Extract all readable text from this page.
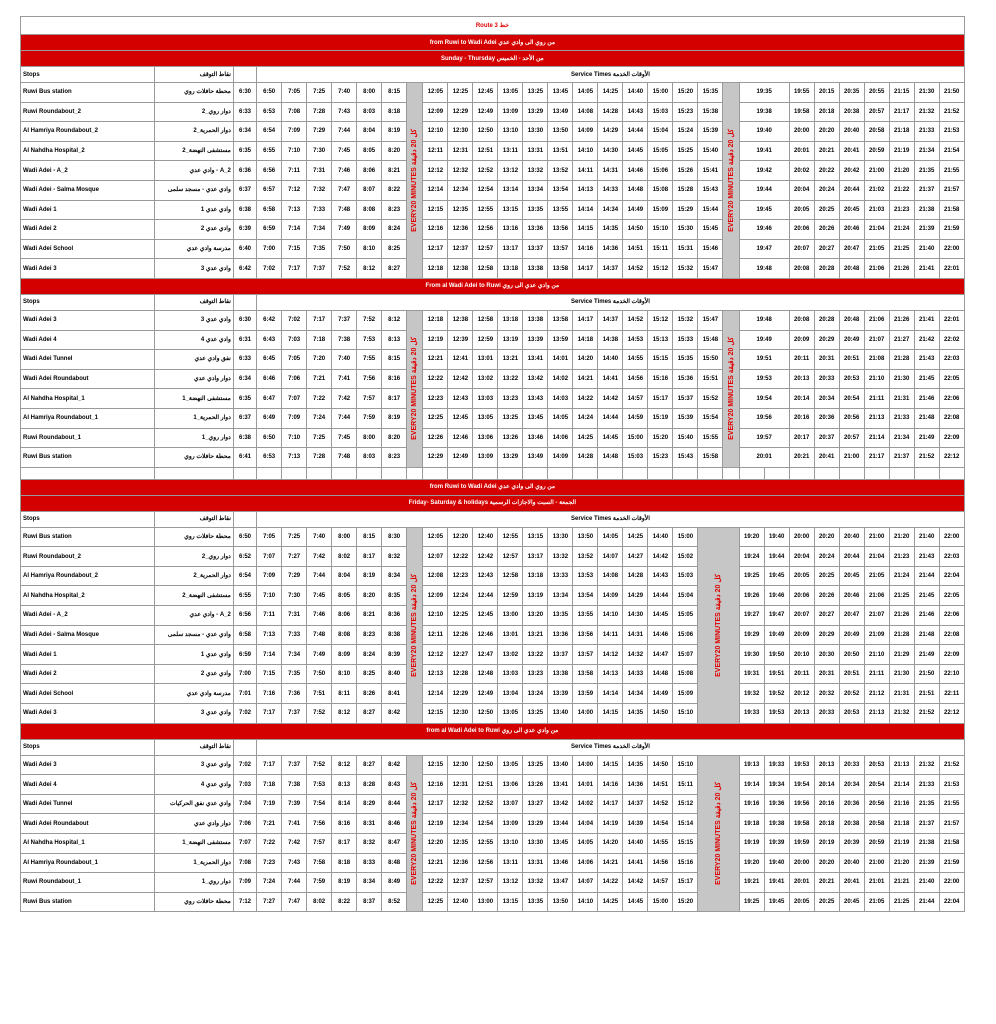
Route 3 خط																															
from Ruwi to Wadi Adei من روي الى وادي عدي																															
Sunday - Thursday من الأحد - الخميس																															
Stops	نقاط التوقف		Service Times الأوقات الخدمة																												
Ruwi Bus station	محطة حافلات روي	6:30	6:50	7:05	7:25	7:40	8:00	8:15	EVERY20 MINUTES كل 20 دقيقة	12:05	12:25	12:45	13:05	13:25	13:45	14:05	14:25	14:40	15:00	15:20	15:35	EVERY20 MINUTES كل 20 دقيقة	19:35		19:55	20:15	20:35	20:55	21:15	21:30	21:50
Ruwi Roundabout_2	دوار روي_2	6:33	6:53	7:08	7:28	7:43	8:03	8:18		12:09	12:29	12:49	13:09	13:29	13:49	14:08	14:28	14:43	15:03	15:23	15:38		19:38		19:58	20:18	20:38	20:57	21:17	21:32	21:52
Al Hamriya Roundabout_2	دوار الحمرية_2	6:34	6:54	7:09	7:29	7:44	8:04	8:19		12:10	12:30	12:50	13:10	13:30	13:50	14:09	14:29	14:44	15:04	15:24	15:39		19:40		20:00	20:20	20:40	20:58	21:18	21:33	21:53
Al Nahdha Hospital_2	مستشفى النهضة_2	6:35	6:55	7:10	7:30	7:45	8:05	8:20		12:11	12:31	12:51	13:11	13:31	13:51	14:10	14:30	14:45	15:05	15:25	15:40		19:41		20:01	20:21	20:41	20:59	21:19	21:34	21:54
Wadi Adei - A_2	وادي عدي - A_2	6:36	6:56	7:11	7:31	7:46	8:06	8:21		12:12	12:32	12:52	13:12	13:32	13:52	14:11	14:31	14:46	15:06	15:26	15:41		19:42		20:02	20:22	20:42	21:00	21:20	21:35	21:55
Wadi Adei - Salma Mosque	وادي عدي - مسجد سلمى	6:37	6:57	7:12	7:32	7:47	8:07	8:22		12:14	12:34	12:54	13:14	13:34	13:54	14:13	14:33	14:48	15:08	15:28	15:43		19:44		20:04	20:24	20:44	21:02	21:22	21:37	21:57
Wadi Adei 1	وادي عدي 1	6:38	6:58	7:13	7:33	7:48	8:08	8:23		12:15	12:35	12:55	13:15	13:35	13:55	14:14	14:34	14:49	15:09	15:29	15:44		19:45		20:05	20:25	20:45	21:03	21:23	21:38	21:58
Wadi Adei 2	وادي عدي 2	6:39	6:59	7:14	7:34	7:49	8:09	8:24		12:16	12:36	12:56	13:16	13:36	13:56	14:15	14:35	14:50	15:10	15:30	15:45		19:46		20:06	20:26	20:46	21:04	21:24	21:39	21:59
Wadi Adei School	مدرسة وادي عدي	6:40	7:00	7:15	7:35	7:50	8:10	8:25		12:17	12:37	12:57	13:17	13:37	13:57	14:16	14:36	14:51	15:11	15:31	15:46		19:47		20:07	20:27	20:47	21:05	21:25	21:40	22:00
Wadi Adei 3	وادي عدي 3	6:42	7:02	7:17	7:37	7:52	8:12	8:27		12:18	12:38	12:58	13:18	13:38	13:58	14:17	14:37	14:52	15:12	15:32	15:47		19:48		20:08	20:28	20:48	21:06	21:26	21:41	22:01
From al Wadi Adei to Ruwi من وادي عدي الى روي																															
Stops	نقاط التوقف		Service Times الأوقات الخدمة																												
Wadi Adei 3	وادي عدي 3	6:30	6:42	7:02	7:17	7:37	7:52	8:12	EVERY20 MINUTES كل 20 دقيقة	12:18	12:38	12:58	13:18	13:38	13:58	14:17	14:37	14:52	15:12	15:32	15:47	EVERY20 MINUTES كل 20 دقيقة	19:48		20:08	20:28	20:48	21:06	21:26	21:41	22:01
Wadi Adei 4	وادي عدي 4	6:31	6:43	7:03	7:18	7:38	7:53	8:13		12:19	12:39	12:59	13:19	13:39	13:59	14:18	14:38	14:53	15:13	15:33	15:48		19:49		20:09	20:29	20:49	21:07	21:27	21:42	22:02
Wadi Adei Tunnel	نفق وادي عدي	6:33	6:45	7:05	7:20	7:40	7:55	8:15		12:21	12:41	13:01	13:21	13:41	14:01	14:20	14:40	14:55	15:15	15:35	15:50		19:51		20:11	20:31	20:51	21:08	21:28	21:43	22:03
Wadi Adei Roundabout	دوار وادي عدي	6:34	6:46	7:06	7:21	7:41	7:56	8:16		12:22	12:42	13:02	13:22	13:42	14:02	14:21	14:41	14:56	15:16	15:36	15:51		19:53		20:13	20:33	20:53	21:10	21:30	21:45	22:05
Al Nahdha Hospital_1	مستشفى النهضة_1	6:35	6:47	7:07	7:22	7:42	7:57	8:17		12:23	12:43	13:03	13:23	13:43	14:03	14:22	14:42	14:57	15:17	15:37	15:52		19:54		20:14	20:34	20:54	21:11	21:31	21:46	22:06
Al Hamriya Roundabout_1	دوار الحمرية_1	6:37	6:49	7:09	7:24	7:44	7:59	8:19		12:25	12:45	13:05	13:25	13:45	14:05	14:24	14:44	14:59	15:19	15:39	15:54		19:56		20:16	20:36	20:56	21:13	21:33	21:48	22:08
Ruwi Roundabout_1	دوار روي_1	6:38	6:50	7:10	7:25	7:45	8:00	8:20		12:26	12:46	13:06	13:26	13:46	14:06	14:25	14:45	15:00	15:20	15:40	15:55		19:57		20:17	20:37	20:57	21:14	21:34	21:49	22:09
Ruwi Bus station	محطة حافلات روي	6:41	6:53	7:13	7:28	7:48	8:03	8:23		12:29	12:49	13:09	13:29	13:49	14:09	14:28	14:48	15:03	15:23	15:43	15:58		20:01		20:21	20:41	21:00	21:17	21:37	21:52	22:12

from Ruwi to Wadi Adei من روي الى وادي عدي																															
Friday- Saturday & holidays الجمعة - السبت والاجازات الرسمية																															
Stops	نقاط التوقف		Service Times الأوقات الخدمة																												
Ruwi Bus station	محطة حافلات روي	6:50	7:05	7:25	7:40	8:00	8:15	8:30	EVERY20 MINUTES كل 20 دقيقة	12:05	12:20	12:40	12:55	13:15	13:30	13:50	14:05	14:25	14:40	15:00	EVERY20 MINUTES كل 20 دقيقة		19:20	19:40	20:00	20:20	20:40	21:00	21:20	21:40	22:00
Ruwi Roundabout_2	دوار روي_2	6:52	7:07	7:27	7:42	8:02	8:17	8:32		12:07	12:22	12:42	12:57	13:17	13:32	13:52	14:07	14:27	14:42	15:02			19:24	19:44	20:04	20:24	20:44	21:04	21:23	21:43	22:03
Al Hamriya Roundabout_2	دوار الحمرية_2	6:54	7:09	7:29	7:44	8:04	8:19	8:34		12:08	12:23	12:43	12:58	13:18	13:33	13:53	14:08	14:28	14:43	15:03			19:25	19:45	20:05	20:25	20:45	21:05	21:24	21:44	22:04
Al Nahdha Hospital_2	مستشفى النهضة_2	6:55	7:10	7:30	7:45	8:05	8:20	8:35		12:09	12:24	12:44	12:59	13:19	13:34	13:54	14:09	14:29	14:44	15:04			19:26	19:46	20:06	20:26	20:46	21:06	21:25	21:45	22:05
Wadi Adei - A_2	وادي عدي - A_2	6:56	7:11	7:31	7:46	8:06	8:21	8:36		12:10	12:25	12:45	13:00	13:20	13:35	13:55	14:10	14:30	14:45	15:05			19:27	19:47	20:07	20:27	20:47	21:07	21:26	21:46	22:06
Wadi Adei - Salma Mosque	وادي عدي - مسجد سلمى	6:58	7:13	7:33	7:48	8:08	8:23	8:38		12:11	12:26	12:46	13:01	13:21	13:36	13:56	14:11	14:31	14:46	15:06			19:29	19:49	20:09	20:29	20:49	21:09	21:28	21:48	22:08
Wadi Adei 1	وادي عدي 1	6:59	7:14	7:34	7:49	8:09	8:24	8:39		12:12	12:27	12:47	13:02	13:22	13:37	13:57	14:12	14:32	14:47	15:07			19:30	19:50	20:10	20:30	20:50	21:10	21:29	21:49	22:09
Wadi Adei 2	وادي عدي 2	7:00	7:15	7:35	7:50	8:10	8:25	8:40		12:13	12:28	12:48	13:03	13:23	13:38	13:58	14:13	14:33	14:48	15:08			19:31	19:51	20:11	20:31	20:51	21:11	21:30	21:50	22:10
Wadi Adei School	مدرسة وادي عدي	7:01	7:16	7:36	7:51	8:11	8:26	8:41		12:14	12:29	12:49	13:04	13:24	13:39	13:59	14:14	14:34	14:49	15:09			19:32	19:52	20:12	20:32	20:52	21:12	21:31	21:51	22:11
Wadi Adei 3	وادي عدي 3	7:02	7:17	7:37	7:52	8:12	8:27	8:42		12:15	12:30	12:50	13:05	13:25	13:40	14:00	14:15	14:35	14:50	15:10			19:33	19:53	20:13	20:33	20:53	21:13	21:32	21:52	22:12
from al Wadi Adei to Ruwi من وادي عدي الى روي																															
Stops	نقاط التوقف		Service Times الأوقات الخدمة																												
Wadi Adei 3	وادي عدي 3	7:02	7:17	7:37	7:52	8:12	8:27	8:42	EVERY20 MINUTES كل 20 دقيقة	12:15	12:30	12:50	13:05	13:25	13:40	14:00	14:15	14:35	14:50	15:10	EVERY20 MINUTES كل 20 دقيقة		19:13	19:33	19:53	20:13	20:33	20:53	21:13	21:32	21:52
Wadi Adei 4	وادي عدي 4	7:03	7:18	7:38	7:53	8:13	8:28	8:43		12:16	12:31	12:51	13:06	13:26	13:41	14:01	14:16	14:36	14:51	15:11			19:14	19:34	19:54	20:14	20:34	20:54	21:14	21:33	21:53
Wadi Adei Tunnel	وادي عدي نفق الحركيات	7:04	7:19	7:39	7:54	8:14	8:29	8:44		12:17	12:32	12:52	13:07	13:27	13:42	14:02	14:17	14:37	14:52	15:12			19:16	19:36	19:56	20:16	20:36	20:56	21:16	21:35	21:55
Wadi Adei Roundabout	دوار وادي عدي	7:06	7:21	7:41	7:56	8:16	8:31	8:46		12:19	12:34	12:54	13:09	13:29	13:44	14:04	14:19	14:39	14:54	15:14			19:18	19:38	19:58	20:18	20:38	20:58	21:18	21:37	21:57
Al Nahdha Hospital_1	مستشفى النهضة_1	7:07	7:22	7:42	7:57	8:17	8:32	8:47		12:20	12:35	12:55	13:10	13:30	13:45	14:05	14:20	14:40	14:55	15:15			19:19	19:39	19:59	20:19	20:39	20:59	21:19	21:38	21:58
Al Hamriya Roundabout_1	دوار الحمرية_1	7:08	7:23	7:43	7:58	8:18	8:33	8:48		12:21	12:36	12:56	13:11	13:31	13:46	14:06	14:21	14:41	14:56	15:16			19:20	19:40	20:00	20:20	20:40	21:00	21:20	21:39	21:59
Ruwi Roundabout_1	دوار روي_1	7:09	7:24	7:44	7:59	8:19	8:34	8:49		12:22	12:37	12:57	13:12	13:32	13:47	14:07	14:22	14:42	14:57	15:17			19:21	19:41	20:01	20:21	20:41	21:01	21:21	21:40	22:00
Ruwi Bus station	محطة حافلات روي	7:12	7:27	7:47	8:02	8:22	8:37	8:52		12:25	12:40	13:00	13:15	13:35	13:50	14:10	14:25	14:45	15:00	15:20			19:25	19:45	20:05	20:25	20:45	21:05	21:25	21:44	22:04
